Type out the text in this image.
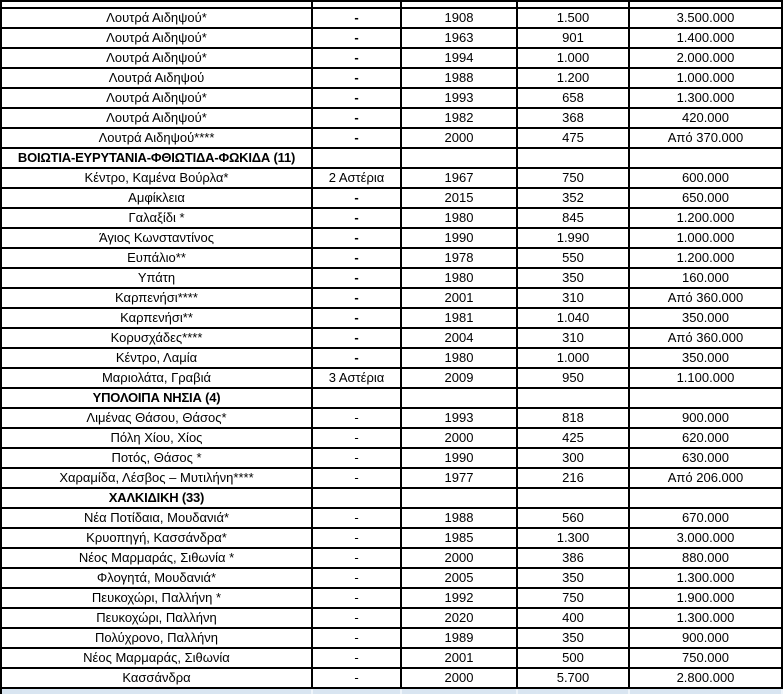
Λουτρά Αιδηψού*	-	1908	1.500	3.500.000
Λουτρά Αιδηψού*	-	1963	901	1.400.000
Λουτρά Αιδηψού*	-	1994	1.000	2.000.000
Λουτρά Αιδηψού	-	1988	1.200	1.000.000
Λουτρά Αιδηψού*	-	1993	658	1.300.000
Λουτρά Αιδηψού*	-	1982	368	420.000
Λουτρά Αιδηψού****	-	2000	475	Από 370.000
ΒΟΙΩΤΙΑ-ΕΥΡΥΤΑΝΙΑ-ΦΘΙΩΤΙΔΑ-ΦΩΚΙΔΑ (11)
Κέντρο, Καμένα Βούρλα*	2 Αστέρια	1967	750	600.000
Αμφίκλεια	-	2015	352	650.000
Γαλαξίδι *	-	1980	845	1.200.000
Άγιος Κωνσταντίνος	-	1990	1.990	1.000.000
Ευπάλιο**	-	1978	550	1.200.000
Υπάτη	-	1980	350	160.000
Καρπενήσι****	-	2001	310	Από 360.000
Καρπενήσι**	-	1981	1.040	350.000
Κορυσχάδες****	-	2004	310	Από 360.000
Κέντρο, Λαμία	-	1980	1.000	350.000
Μαριολάτα, Γραβιά	3 Αστέρια	2009	950	1.100.000
ΥΠΟΛΟΙΠΑ ΝΗΣΙΑ (4)
Λιμένας Θάσου, Θάσος*	-	1993	818	900.000
Πόλη Χίου, Χίος	-	2000	425	620.000
Ποτός, Θάσος *	-	1990	300	630.000
Χαραμίδα, Λέσβος – Μυτιλήνη****	-	1977	216	Από 206.000
ΧΑΛΚΙΔΙΚΗ (33)
Νέα Ποτίδαια, Μουδανιά*	-	1988	560	670.000
Κρυοπηγή, Κασσάνδρα*	-	1985	1.300	3.000.000
Νέος Μαρμαράς, Σιθωνία *	-	2000	386	880.000
Φλογητά, Μουδανιά*	-	2005	350	1.300.000
Πευκοχώρι, Παλλήνη *	-	1992	750	1.900.000
Πευκοχώρι, Παλλήνη	-	2020	400	1.300.000
Πολύχρονο, Παλλήνη	-	1989	350	900.000
Νέος Μαρμαράς, Σιθωνία	-	2001	500	750.000
Κασσάνδρα	-	2000	5.700	2.800.000
